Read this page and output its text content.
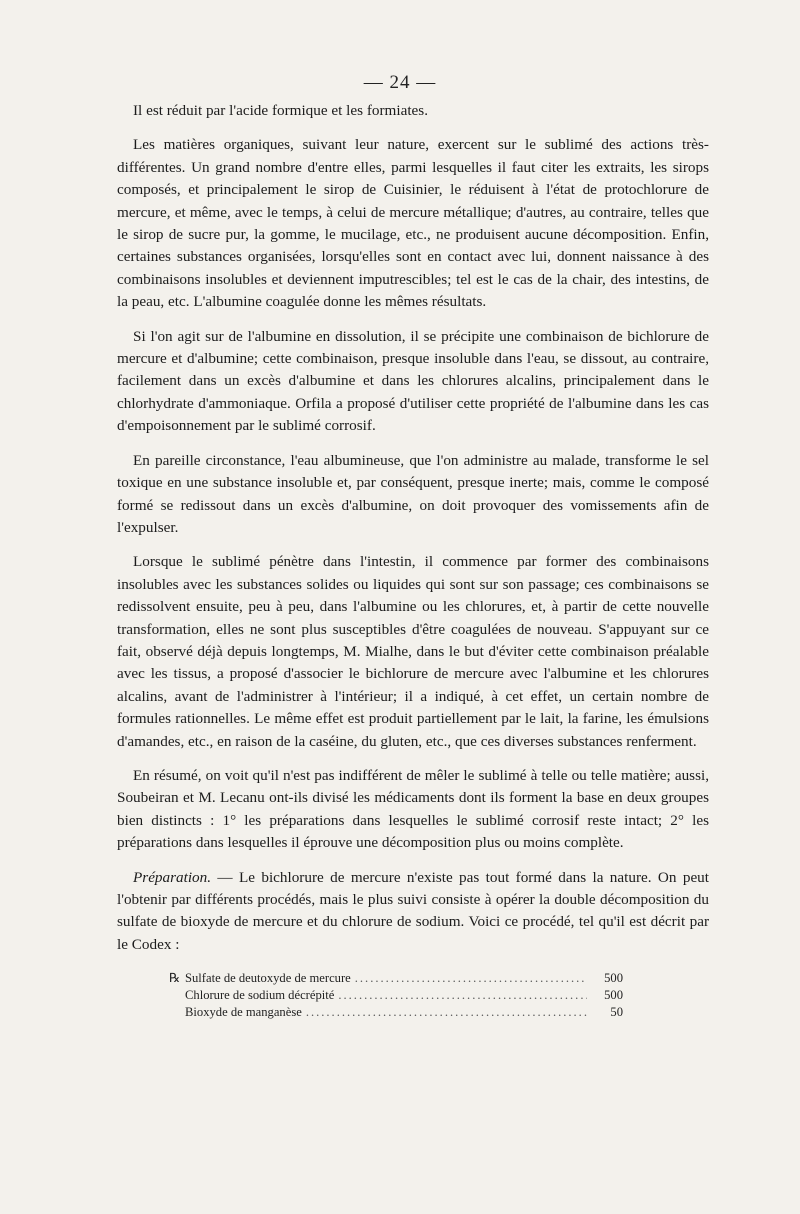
— 24 —

Il est réduit par l'acide formique et les formiates.

Les matières organiques, suivant leur nature, exercent sur le sublimé des actions très-différentes. Un grand nombre d'entre elles, parmi lesquelles il faut citer les extraits, les sirops composés, et principalement le sirop de Cuisinier, le réduisent à l'état de protochlorure de mercure, et même, avec le temps, à celui de mercure métallique; d'autres, au contraire, telles que le sirop de sucre pur, la gomme, le mucilage, etc., ne produisent aucune décomposition. Enfin, certaines substances organisées, lorsqu'elles sont en contact avec lui, donnent naissance à des combinaisons insolubles et deviennent imputrescibles; tel est le cas de la chair, des intestins, de la peau, etc. L'albumine coagulée donne les mêmes résultats.

Si l'on agit sur de l'albumine en dissolution, il se précipite une combinaison de bichlorure de mercure et d'albumine; cette combinaison, presque insoluble dans l'eau, se dissout, au contraire, facilement dans un excès d'albumine et dans les chlorures alcalins, principalement dans le chlorhydrate d'ammoniaque. Orfila a proposé d'utiliser cette propriété de l'albumine dans les cas d'empoisonnement par le sublimé corrosif.

En pareille circonstance, l'eau albumineuse, que l'on administre au malade, transforme le sel toxique en une substance insoluble et, par conséquent, presque inerte; mais, comme le composé formé se redissout dans un excès d'albumine, on doit provoquer des vomissements afin de l'expulser.

Lorsque le sublimé pénètre dans l'intestin, il commence par former des combinaisons insolubles avec les substances solides ou liquides qui sont sur son passage; ces combinaisons se redissolvent ensuite, peu à peu, dans l'albumine ou les chlorures, et, à partir de cette nouvelle transformation, elles ne sont plus susceptibles d'être coagulées de nouveau. S'appuyant sur ce fait, observé déjà depuis longtemps, M. Mialhe, dans le but d'éviter cette combinaison préalable avec les tissus, a proposé d'associer le bichlorure de mercure avec l'albumine et les chlorures alcalins, avant de l'administrer à l'intérieur; il a indiqué, à cet effet, un certain nombre de formules rationnelles. Le même effet est produit partiellement par le lait, la farine, les émulsions d'amandes, etc., en raison de la caséine, du gluten, etc., que ces diverses substances renferment.

En résumé, on voit qu'il n'est pas indifférent de mêler le sublimé à telle ou telle matière; aussi, Soubeiran et M. Lecanu ont-ils divisé les médicaments dont ils forment la base en deux groupes bien distincts : 1° les préparations dans lesquelles le sublimé corrosif reste intact; 2° les préparations dans lesquelles il éprouve une décomposition plus ou moins complète.

Préparation. — Le bichlorure de mercure n'existe pas tout formé dans la nature. On peut l'obtenir par différents procédés, mais le plus suivi consiste à opérer la double décomposition du sulfate de bioxyde de mercure et du chlorure de sodium. Voici ce procédé, tel qu'il est décrit par le Codex :

℞ Sulfate de deutoxyde de mercure .....	500
Chlorure de sodium décrépité .....	500
Bioxyde de manganèse .....	50
